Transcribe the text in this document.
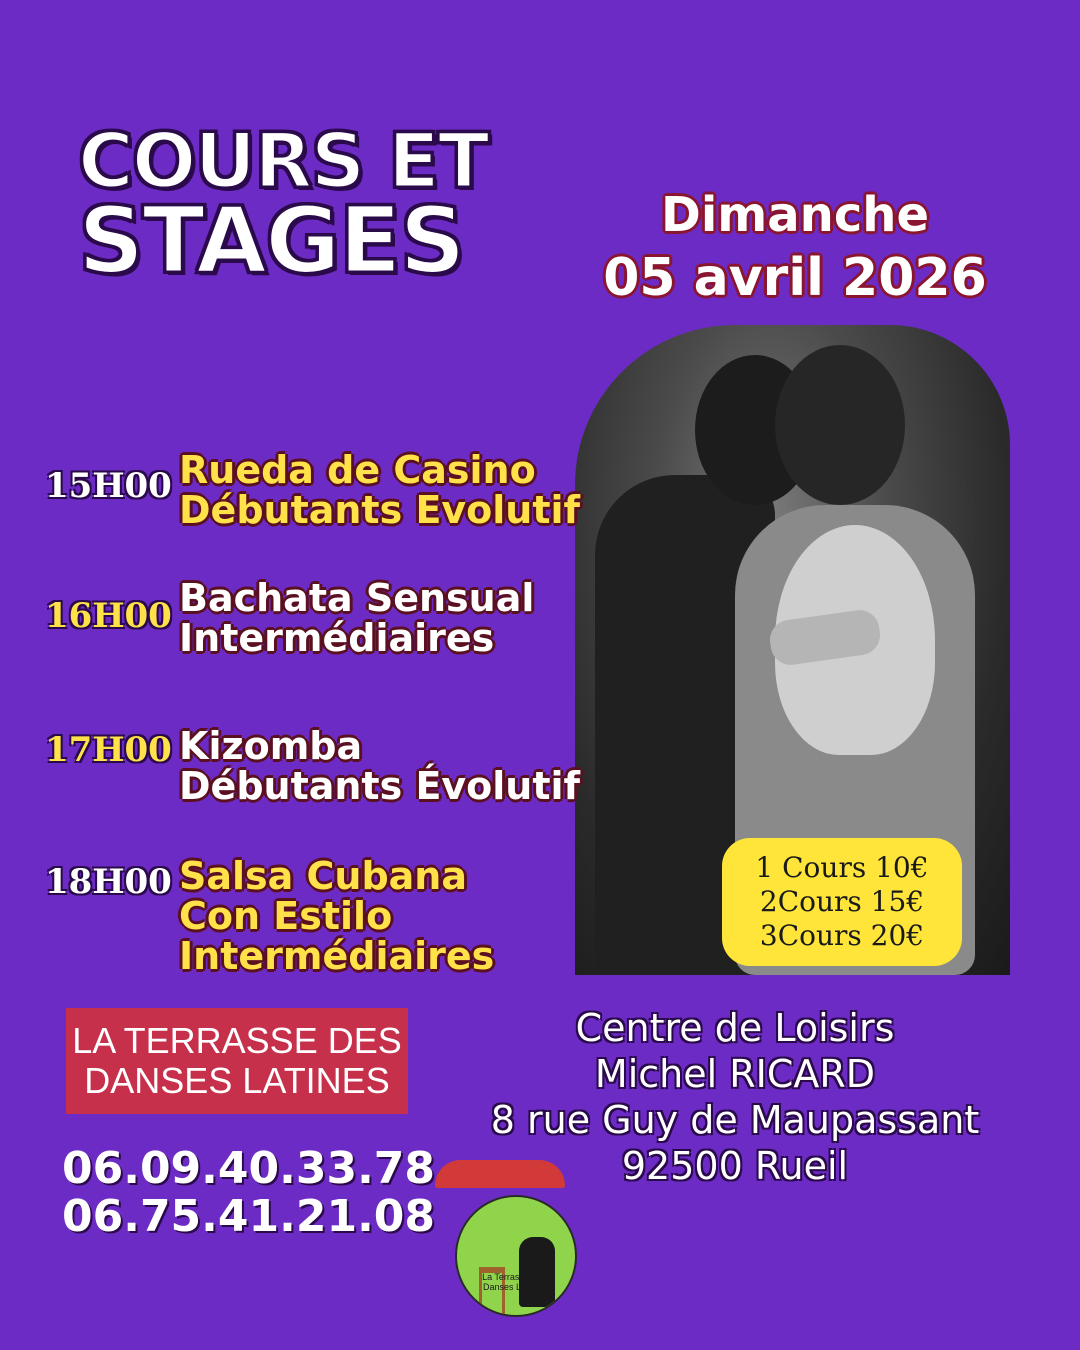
COURS ET
STAGES	Dimanche
05 avril 2026
15H00 Rueda de Casino
Débutants Evolutif
16H00 Bachata Sensual
Intermédiaires
17H00 Kizomba
Débutants Évolutif
18H00 Salsa Cubana
Con Estilo
Intermédiaires
1 Cours 10€
2Cours 15€
3Cours 20€
LA TERRASSE DES
DANSES LATINES
Centre de Loisirs
Michel RICARD
8 rue Guy de Maupassant
92500 Rueil
06.09.40.33.78
06.75.41.21.08
La Terrasse des
Danses Latines
